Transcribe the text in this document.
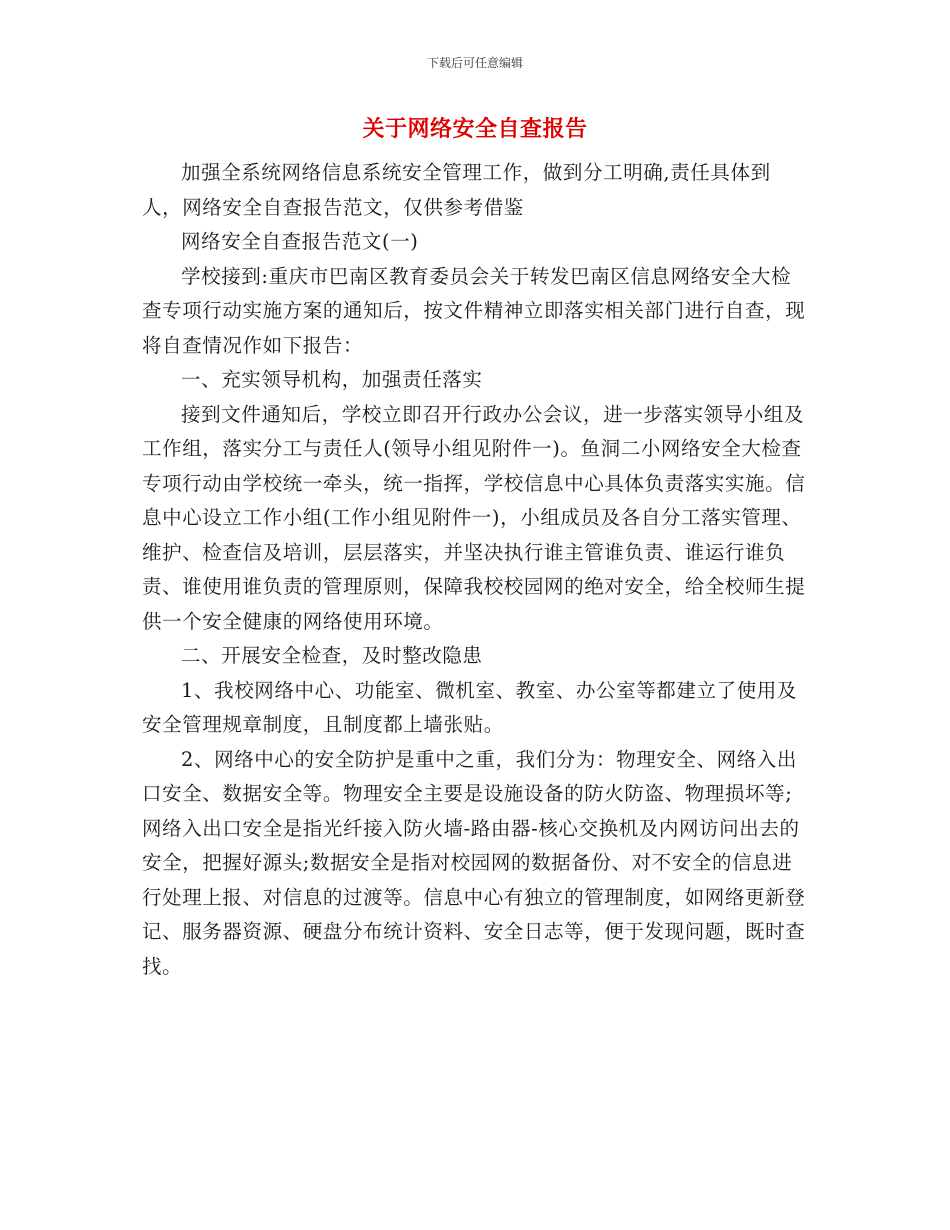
下载后可任意编辑
关于网络安全自查报告

加强全系统网络信息系统安全管理工作，做到分工明确,责任具体到人，网络安全自查报告范文，仅供参考借鉴

网络安全自查报告范文(一)

学校接到:重庆市巴南区教育委员会关于转发巴南区信息网络安全大检查专项行动实施方案的通知后，按文件精神立即落实相关部门进行自查，现将自查情况作如下报告：

一、充实领导机构，加强责任落实

接到文件通知后，学校立即召开行政办公会议，进一步落实领导小组及工作组，落实分工与责任人(领导小组见附件一)。鱼洞二小网络安全大检查专项行动由学校统一牵头，统一指挥，学校信息中心具体负责落实实施。信息中心设立工作小组(工作小组见附件一)，小组成员及各自分工落实管理、维护、检查信及培训，层层落实，并坚决执行谁主管谁负责、谁运行谁负责、谁使用谁负责的管理原则，保障我校校园网的绝对安全，给全校师生提供一个安全健康的网络使用环境。

二、开展安全检查，及时整改隐患

1、我校网络中心、功能室、微机室、教室、办公室等都建立了使用及安全管理规章制度，且制度都上墙张贴。

2、网络中心的安全防护是重中之重，我们分为：物理安全、网络入出口安全、数据安全等。物理安全主要是设施设备的防火防盗、物理损坏等;网络入出口安全是指光纤接入防火墙-路由器-核心交换机及内网访问出去的安全，把握好源头;数据安全是指对校园网的数据备份、对不安全的信息进行处理上报、对信息的过渡等。信息中心有独立的管理制度，如网络更新登记、服务器资源、硬盘分布统计资料、安全日志等，便于发现问题，既时查找。
